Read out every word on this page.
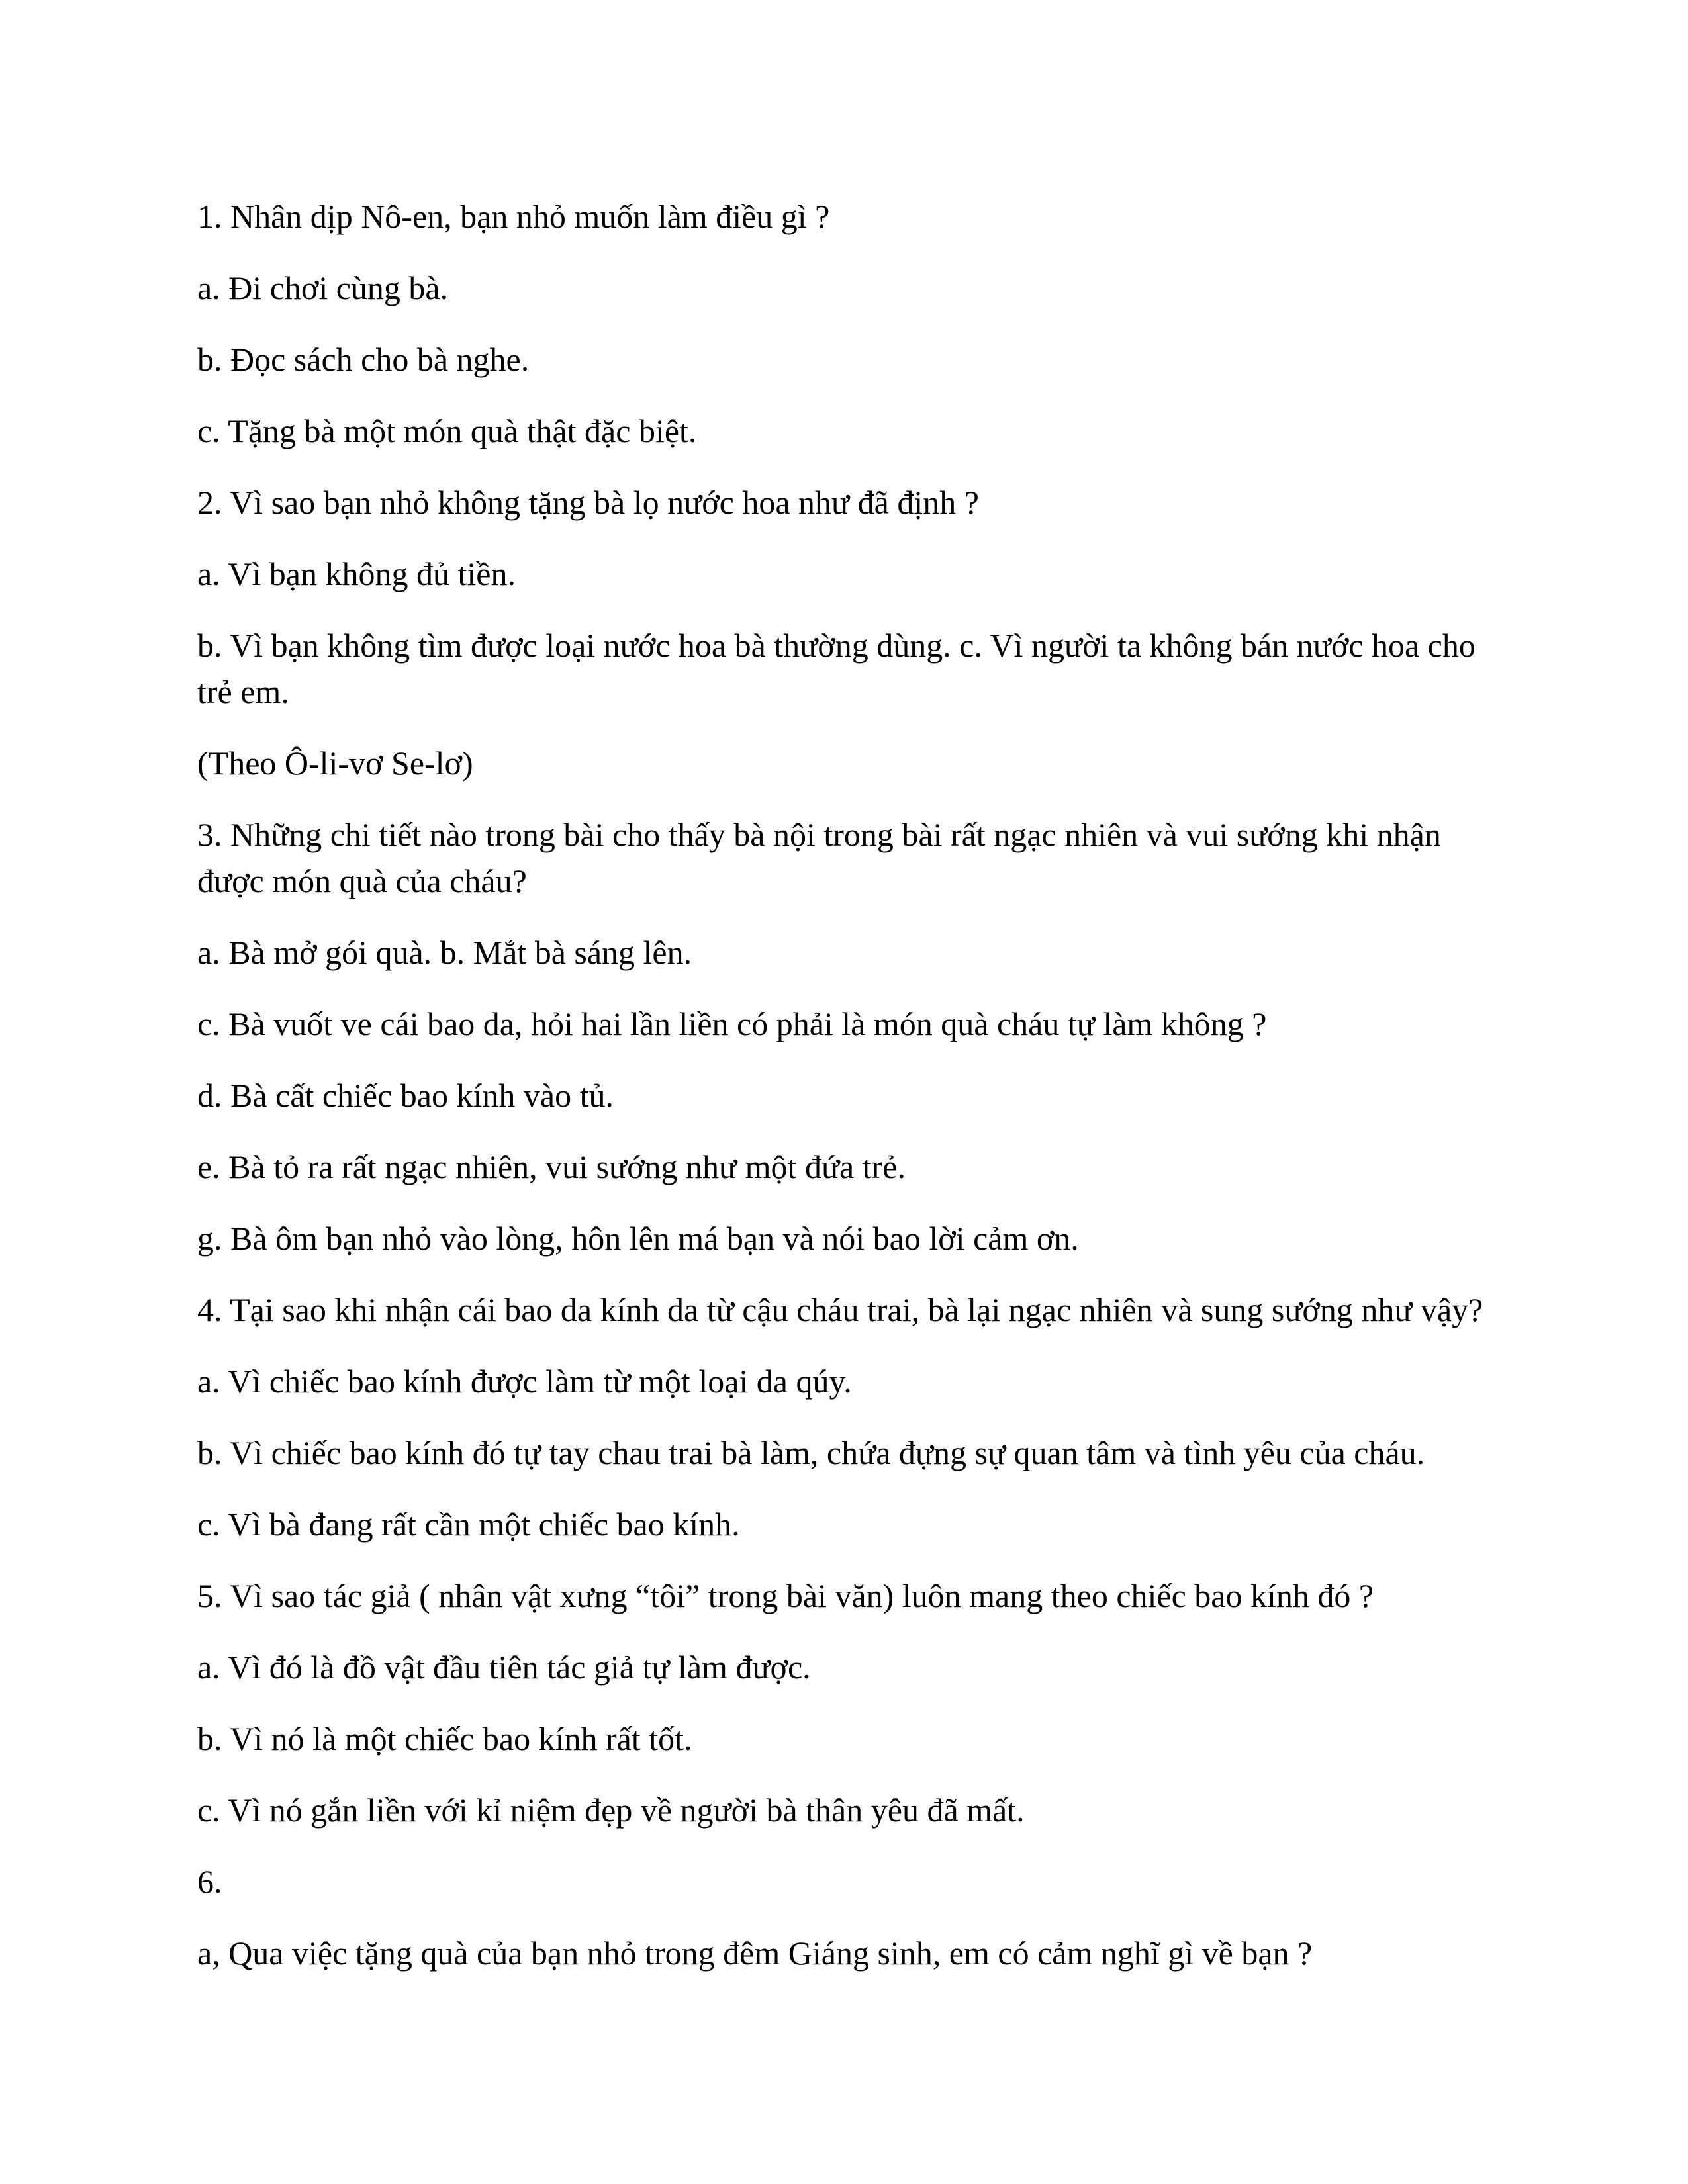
1. Nhân dịp Nô-en, bạn nhỏ muốn làm điều gì ?

a. Đi chơi cùng bà.

b. Đọc sách cho bà nghe.

c. Tặng bà một món quà thật đặc biệt.

2. Vì sao bạn nhỏ không tặng bà lọ nước hoa như đã định ?

a. Vì bạn không đủ tiền.

b. Vì bạn không tìm được loại nước hoa bà thường dùng. c. Vì người ta không bán nước hoa cho trẻ em.

(Theo Ô-li-vơ Se-lơ)

3. Những chi tiết nào trong bài cho thấy bà nội trong bài rất ngạc nhiên và vui sướng khi nhận được món quà của cháu?

a. Bà mở gói quà. b. Mắt bà sáng lên.

c. Bà vuốt ve cái bao da, hỏi hai lần liền có phải là món quà cháu tự làm không ?

d. Bà cất chiếc bao kính vào tủ.

e. Bà tỏ ra rất ngạc nhiên, vui sướng như một đứa trẻ.

g. Bà ôm bạn nhỏ vào lòng, hôn lên má bạn và nói bao lời cảm ơn.

4. Tại sao khi nhận cái bao da kính da từ cậu cháu trai, bà lại ngạc nhiên và sung sướng như vậy?

a. Vì chiếc bao kính được làm từ một loại da qúy.

b. Vì chiếc bao kính đó tự tay chau trai bà làm, chứa đựng sự quan tâm và tình yêu của cháu.

c. Vì bà đang rất cần một chiếc bao kính.

5. Vì sao tác giả ( nhân vật xưng “tôi” trong bài văn) luôn mang theo chiếc bao kính đó ?

a. Vì đó là đồ vật đầu tiên tác giả tự làm được.

b. Vì nó là một chiếc bao kính rất tốt.

c. Vì nó gắn liền với kỉ niệm đẹp về người bà thân yêu đã mất.

6.

a, Qua việc tặng quà của bạn nhỏ trong đêm Giáng sinh, em có cảm nghĩ gì về bạn ?
